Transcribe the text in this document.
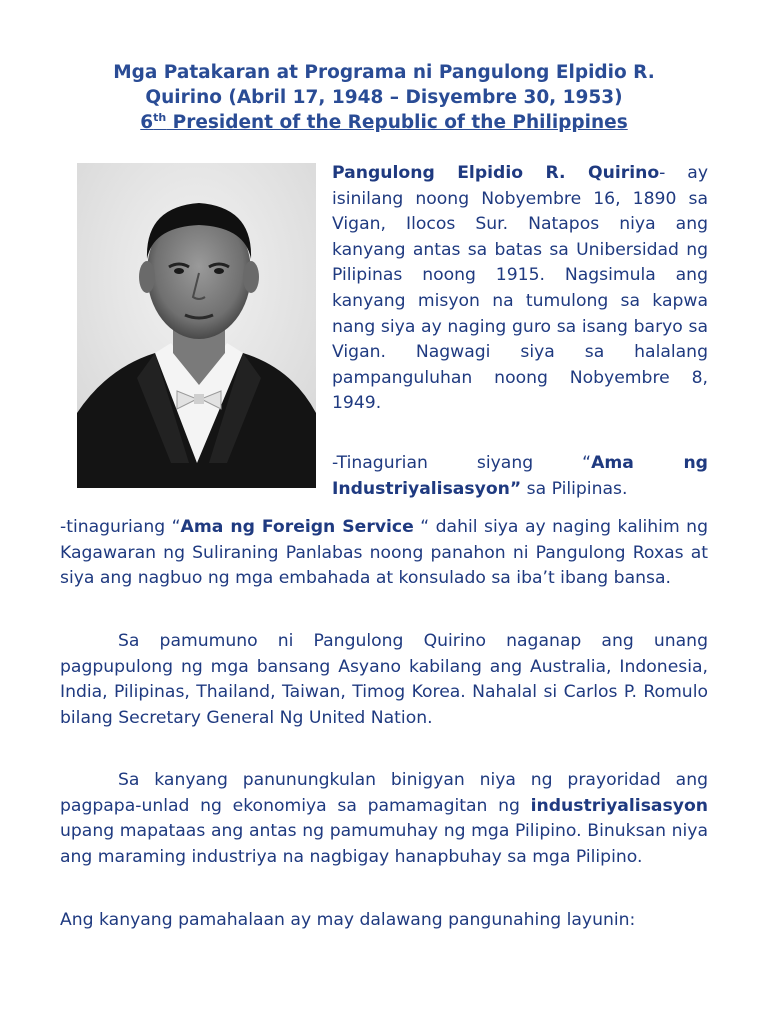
Mga Patakaran at Programa ni Pangulong Elpidio R.
Quirino (Abril 17, 1948 – Disyembre 30, 1953)
6th President of the Republic of the Philippines
Pangulong Elpidio R. Quirino- ay isinilang noong Nobyembre 16, 1890 sa Vigan, Ilocos Sur. Natapos niya ang kanyang antas sa batas sa Unibersidad ng Pilipinas noong 1915. Nagsimula ang kanyang misyon na tumulong sa kapwa nang siya ay naging guro sa isang baryo sa Vigan. Nagwagi siya sa halalang pampanguluhan noong Nobyembre 8, 1949.
-Tinagurian siyang “Ama ng Industriyalisasyon” sa Pilipinas.
-tinaguriang “Ama ng Foreign Service “ dahil siya ay naging kalihim ng Kagawaran ng Suliraning Panlabas noong panahon ni Pangulong Roxas at siya ang nagbuo ng mga embahada at konsulado sa iba’t ibang bansa.
Sa pamumuno ni Pangulong Quirino naganap ang unang pagpupulong ng mga bansang Asyano kabilang ang Australia, Indonesia, India, Pilipinas, Thailand, Taiwan, Timog Korea. Nahalal si Carlos P. Romulo bilang Secretary General Ng United Nation.
Sa kanyang panunungkulan binigyan niya ng prayoridad ang pagpapa-unlad ng ekonomiya sa pamamagitan ng industriyalisasyon upang mapataas ang antas ng pamumuhay ng mga Pilipino. Binuksan niya ang maraming industriya na nagbigay hanapbuhay sa mga Pilipino.
Ang kanyang pamahalaan ay may dalawang pangunahing layunin:
